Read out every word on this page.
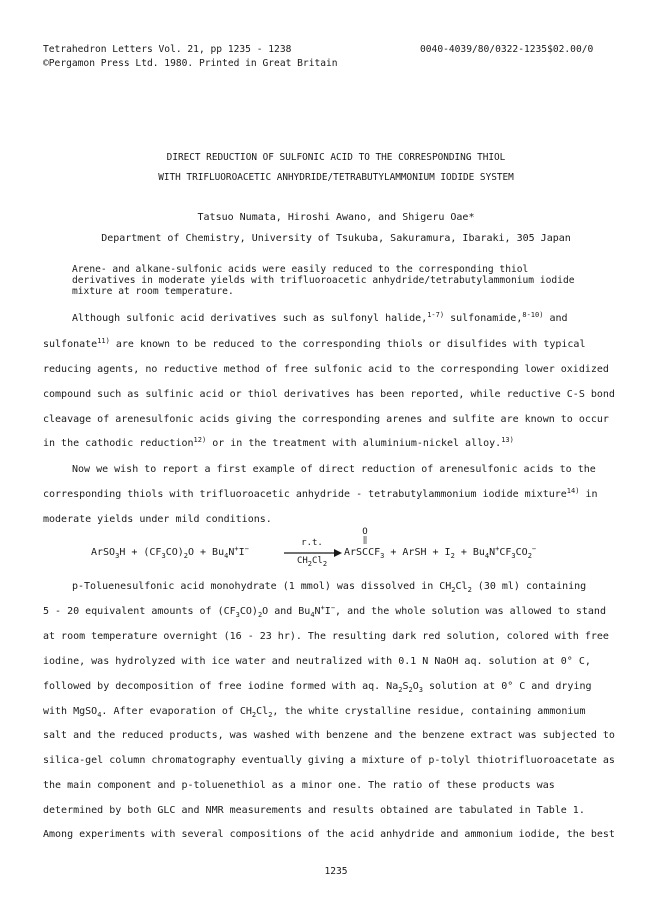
Tetrahedron Letters Vol. 21, pp 1235 - 1238
©Pergamon Press Ltd. 1980. Printed in Great Britain
0040-4039/80/0322-1235$02.00/0
DIRECT REDUCTION OF SULFONIC ACID TO THE CORRESPONDING THIOL
WITH TRIFLUOROACETIC ANHYDRIDE/TETRABUTYLAMMONIUM IODIDE SYSTEM
Tatsuo Numata, Hiroshi Awano, and Shigeru Oae*
Department of Chemistry, University of Tsukuba, Sakuramura, Ibaraki, 305 Japan
Arene- and alkane-sulfonic acids were easily reduced to the corresponding thiol
derivatives in moderate yields with trifluoroacetic anhydride/tetrabutylammonium iodide
mixture at room temperature.
Although sulfonic acid derivatives such as sulfonyl halide,$^{1-7)}$ sulfonamide,$^{8-10)}$ and
sulfonate$^{11)}$ are known to be reduced to the corresponding thiols or disulfides with typical
reducing agents, no reductive method of free sulfonic acid to the corresponding lower oxidized
compound such as sulfinic acid or thiol derivatives has been reported, while reductive C-S bond
cleavage of arenesulfonic acids giving the corresponding arenes and sulfite are known to occur
in the cathodic reduction$^{12)}$ or in the treatment with aluminium-nickel alloy.$^{13)}$
Now we wish to report a first example of direct reduction of arenesulfonic acids to the
corresponding thiols with trifluoroacetic anhydride - tetrabutylammonium iodide mixture$^{14)}$ in
moderate yields under mild conditions.
O
‖
ArSO$_3$H + $(CF_3CO)_2O + Bu_4N^+I^-$
r.t.
$CH_2Cl_2$
ArSCCF$_3$ + ArSH + $I_2 + Bu_4N^+CF_3CO_2^-$
p-Toluenesulfonic acid monohydrate (1 mmol) was dissolved in $CH_2Cl_2$ (30 ml) containing
5 - 20 equivalent amounts of $(CF_3CO)_2O$ and $Bu_4N^+I^-$, and the whole solution was allowed to stand
at room temperature overnight (16 - 23 hr). The resulting dark red solution, colored with free
iodine, was hydrolyzed with ice water and neutralized with 0.1 N NaOH aq. solution at 0° C,
followed by decomposition of free iodine formed with aq. $Na_2S_2O_3$ solution at 0° C and drying
with MgSO$_4$. After evaporation of $CH_2Cl_2$, the white crystalline residue, containing ammonium
salt and the reduced products, was washed with benzene and the benzene extract was subjected to
silica-gel column chromatography eventually giving a mixture of p-tolyl thiotrifluoroacetate as
the main component and p-toluenethiol as a minor one. The ratio of these products was
determined by both GLC and NMR measurements and results obtained are tabulated in Table 1.
Among experiments with several compositions of the acid anhydride and ammonium iodide, the best
1235
